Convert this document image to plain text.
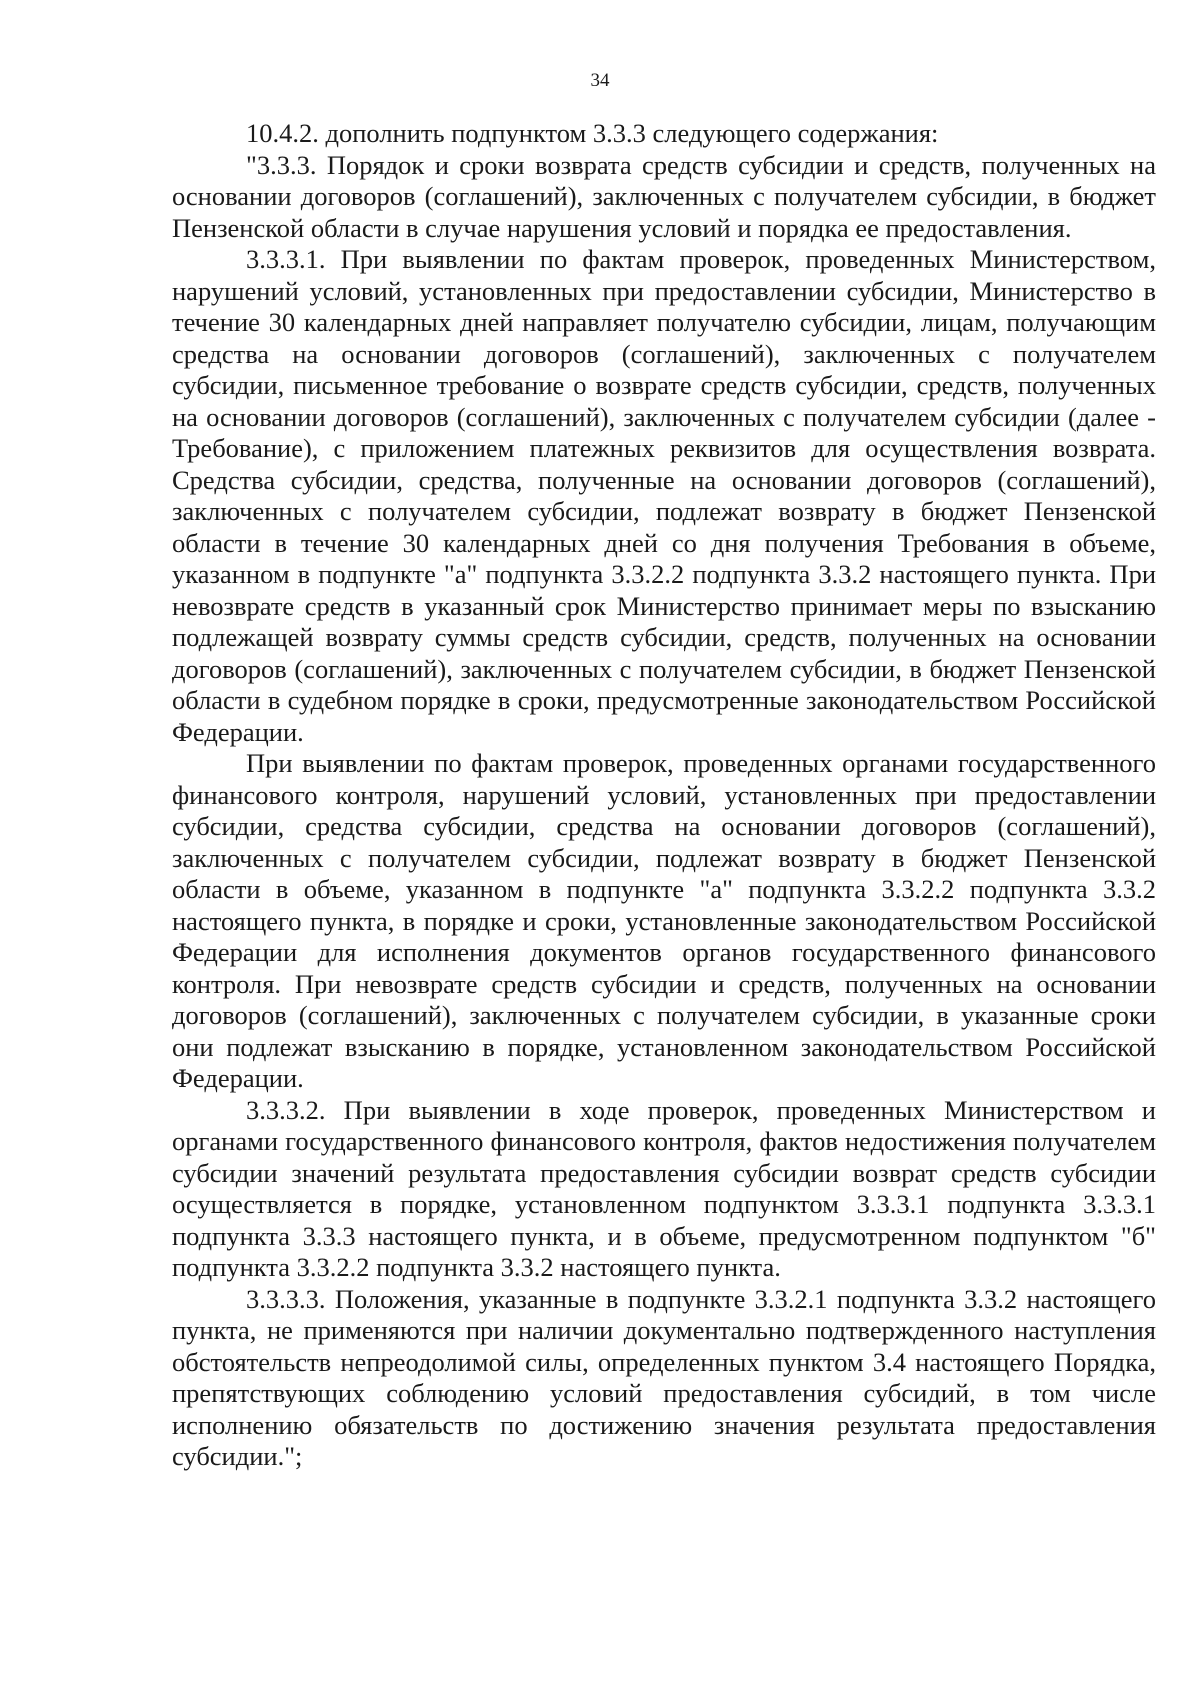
34

10.4.2. дополнить подпунктом 3.3.3 следующего содержания:

"3.3.3. Порядок и сроки возврата средств субсидии и средств, полученных на основании договоров (соглашений), заключенных с получателем субсидии, в бюджет Пензенской области в случае нарушения условий и порядка ее предоставления.

3.3.3.1. При выявлении по фактам проверок, проведенных Министерством, нарушений условий, установленных при предоставлении субсидии, Министерство в течение 30 календарных дней направляет получателю субсидии, лицам, получающим средства на основании договоров (соглашений), заключенных с получателем субсидии, письменное требование о возврате средств субсидии, средств, полученных на основании договоров (соглашений), заключенных с получателем субсидии (далее - Требование), с приложением платежных реквизитов для осуществления возврата. Средства субсидии, средства, полученные на основании договоров (соглашений), заключенных с получателем субсидии, подлежат возврату в бюджет Пензенской области в течение 30 календарных дней со дня получения Требования в объеме, указанном в подпункте "а" подпункта 3.3.2.2 подпункта 3.3.2 настоящего пункта. При невозврате средств в указанный срок Министерство принимает меры по взысканию подлежащей возврату суммы средств субсидии, средств, полученных на основании договоров (соглашений), заключенных с получателем субсидии, в бюджет Пензенской области в судебном порядке в сроки, предусмотренные законодательством Российской Федерации.

При выявлении по фактам проверок, проведенных органами государственного финансового контроля, нарушений условий, установленных при предоставлении субсидии, средства субсидии, средства на основании договоров (соглашений), заключенных с получателем субсидии, подлежат возврату в бюджет Пензенской области в объеме, указанном в подпункте "а" подпункта 3.3.2.2 подпункта 3.3.2 настоящего пункта, в порядке и сроки, установленные законодательством Российской Федерации для исполнения документов органов государственного финансового контроля. При невозврате средств субсидии и средств, полученных на основании договоров (соглашений), заключенных с получателем субсидии, в указанные сроки они подлежат взысканию в порядке, установленном законодательством Российской Федерации.

3.3.3.2. При выявлении в ходе проверок, проведенных Министерством и органами государственного финансового контроля, фактов недостижения получателем субсидии значений результата предоставления субсидии возврат средств субсидии осуществляется в порядке, установленном подпунктом 3.3.3.1 подпункта 3.3.3.1 подпункта 3.3.3 настоящего пункта, и в объеме, предусмотренном подпунктом "б" подпункта 3.3.2.2 подпункта 3.3.2 настоящего пункта.

3.3.3.3. Положения, указанные в подпункте 3.3.2.1 подпункта 3.3.2 настоящего пункта, не применяются при наличии документально подтвержденного наступления обстоятельств непреодолимой силы, определенных пунктом 3.4 настоящего Порядка, препятствующих соблюдению условий предоставления субсидий, в том числе исполнению обязательств по достижению значения результата предоставления субсидии.";
